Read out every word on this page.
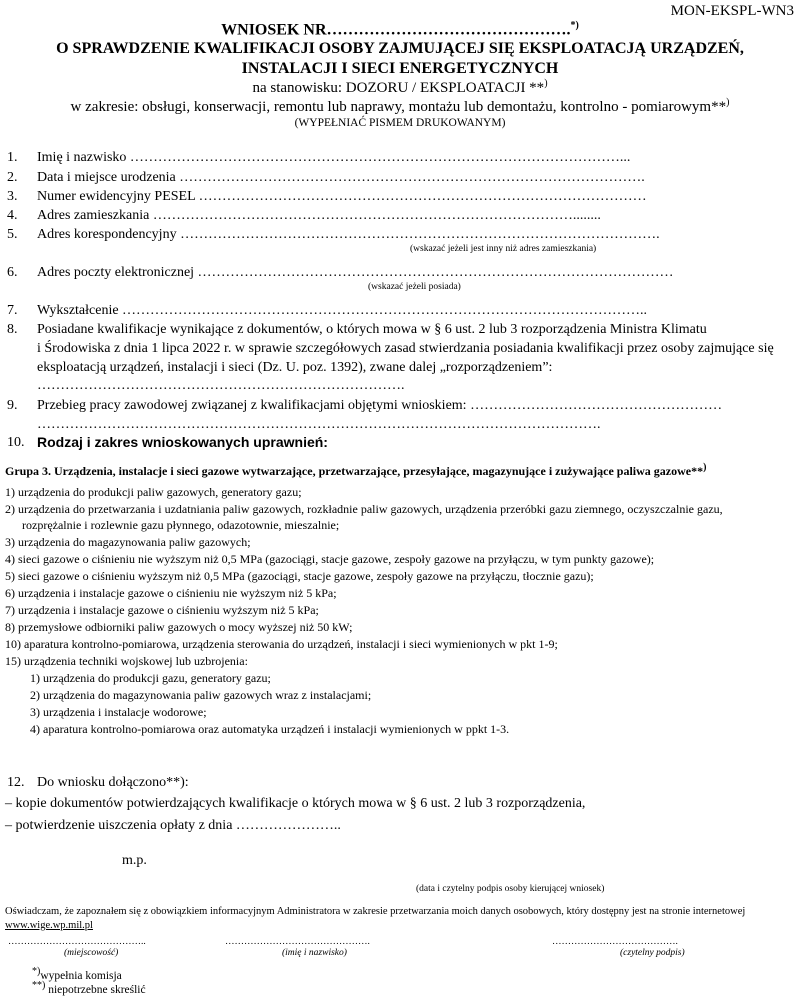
MON-EKSPL-WN3
WNIOSEK NR……………………………………….*)
O SPRAWDZENIE KWALIFIKACJI OSOBY ZAJMUJĄCEJ SIĘ EKSPLOATACJĄ URZĄDZEŃ,
INSTALACJI I SIECI ENERGETYCZNYCH
na stanowisku: DOZORU / EKSPLOATACJI **)
w zakresie: obsługi, konserwacji, remontu lub naprawy, montażu lub demontażu, kontrolno - pomiarowym**)
(WYPEŁNIAĆ PISMEM DRUKOWANYM)
1. Imię i nazwisko ……………………………………………………………………………………………...
2. Data i miejsce urodzenia ……………………………………………………………………………………….
3. Numer ewidencyjny PESEL ……………………………………………………………………………………
4. Adres zamieszkania ………………………………………………………………………………........
5. Adres korespondencyjny ………………………………………………………………………………………….
(wskazać jeżeli jest inny niż adres zamieszkania)
6. Adres poczty elektronicznej …………………………………………………………………………………………
(wskazać jeżeli posiada)
7. Wykształcenie …………………………………………………………………………………………………..
8. Posiadane kwalifikacje wynikające z dokumentów, o których mowa w § 6 ust. 2 lub 3 rozporządzenia Ministra Klimatu
i Środowiska z dnia 1 lipca 2022 r. w sprawie szczegółowych zasad stwierdzania posiadania kwalifikacji przez osoby zajmujące się
eksploatacją urządzeń, instalacji i sieci (Dz. U. poz. 1392), zwane dalej „rozporządzeniem”:
…………………………………………………………………….
9. Przebieg pracy zawodowej związanej z kwalifikacjami objętymi wnioskiem: ………………………………………………
………………………………………………………………………………………………………….
10. Rodzaj i zakres wnioskowanych uprawnień:
Grupa 3. Urządzenia, instalacje i sieci gazowe wytwarzające, przetwarzające, przesyłające, magazynujące i zużywające paliwa gazowe**)
1) urządzenia do produkcji paliw gazowych, generatory gazu;
2) urządzenia do przetwarzania i uzdatniania paliw gazowych, rozkładnie paliw gazowych, urządzenia przeróbki gazu ziemnego, oczyszczalnie gazu,
rozprężalnie i rozlewnie gazu płynnego, odazotownie, mieszalnie;
3) urządzenia do magazynowania paliw gazowych;
4) sieci gazowe o ciśnieniu nie wyższym niż 0,5 MPa (gazociągi, stacje gazowe, zespoły gazowe na przyłączu, w tym punkty gazowe);
5) sieci gazowe o ciśnieniu wyższym niż 0,5 MPa (gazociągi, stacje gazowe, zespoły gazowe na przyłączu, tłocznie gazu);
6) urządzenia i instalacje gazowe o ciśnieniu nie wyższym niż 5 kPa;
7) urządzenia i instalacje gazowe o ciśnieniu wyższym niż 5 kPa;
8) przemysłowe odbiorniki paliw gazowych o mocy wyższej niż 50 kW;
10) aparatura kontrolno-pomiarowa, urządzenia sterowania do urządzeń, instalacji i sieci wymienionych w pkt 1-9;
15) urządzenia techniki wojskowej lub uzbrojenia:
1) urządzenia do produkcji gazu, generatory gazu;
2) urządzenia do magazynowania paliw gazowych wraz z instalacjami;
3) urządzenia i instalacje wodorowe;
4) aparatura kontrolno-pomiarowa oraz automatyka urządzeń i instalacji wymienionych w ppkt 1-3.
12. Do wniosku dołączono**):
– kopie dokumentów potwierdzających kwalifikacje o których mowa w § 6 ust. 2 lub 3 rozporządzenia,
– potwierdzenie uiszczenia opłaty z dnia …………………..
m.p.
(data i czytelny podpis osoby kierującej wniosek)
Oświadczam, że zapoznałem się z obowiązkiem informacyjnym Administratora w zakresie przetwarzania moich danych osobowych, który dostępny jest na stronie internetowej
www.wige.wp.mil.pl
……………………………………..
(miejscowość)
……………………………………….
(imię i nazwisko)
………………………………….
(czytelny podpis)
*)wypełnia komisja
**) niepotrzebne skreślić
